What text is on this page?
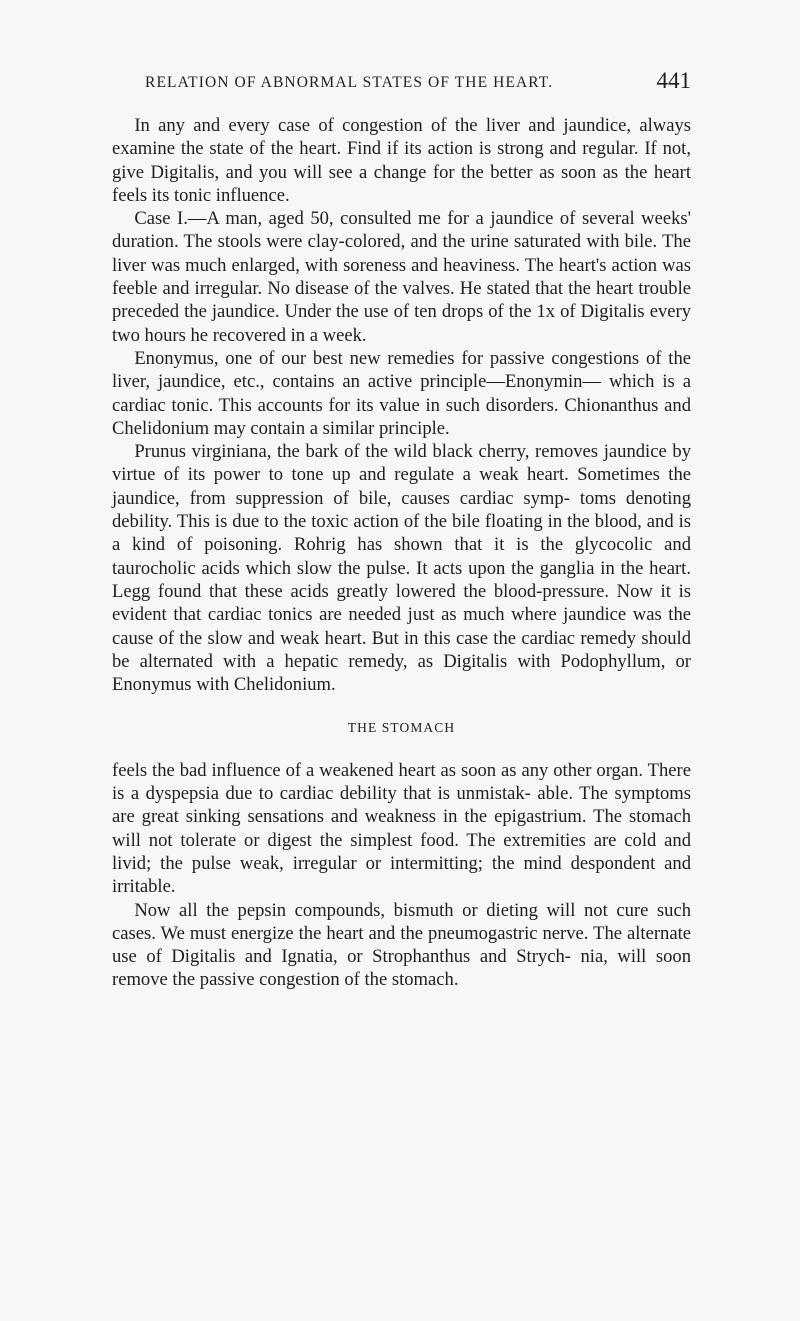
RELATION OF ABNORMAL STATES OF THE HEART.	441

In any and every case of congestion of the liver and jaundice, always examine the state of the heart. Find if its action is strong and regular. If not, give Digitalis, and you will see a change for the better as soon as the heart feels its tonic influence.

Case I.—A man, aged 50, consulted me for a jaundice of several weeks' duration. The stools were clay-colored, and the urine saturated with bile. The liver was much enlarged, with soreness and heaviness. The heart's action was feeble and irregular. No disease of the valves. He stated that the heart trouble preceded the jaundice. Under the use of ten drops of the 1x of Digitalis every two hours he recovered in a week.

Enonymus, one of our best new remedies for passive congestions of the liver, jaundice, etc., contains an active principle—Enonymin— which is a cardiac tonic. This accounts for its value in such disorders. Chionanthus and Chelidonium may contain a similar principle.

Prunus virginiana, the bark of the wild black cherry, removes jaundice by virtue of its power to tone up and regulate a weak heart. Sometimes the jaundice, from suppression of bile, causes cardiac symp- toms denoting debility. This is due to the toxic action of the bile floating in the blood, and is a kind of poisoning. Rohrig has shown that it is the glycocolic and taurocholic acids which slow the pulse. It acts upon the ganglia in the heart. Legg found that these acids greatly lowered the blood-pressure. Now it is evident that cardiac tonics are needed just as much where jaundice was the cause of the slow and weak heart. But in this case the cardiac remedy should be alternated with a hepatic remedy, as Digitalis with Podophyllum, or Enonymus with Chelidonium.

THE STOMACH

feels the bad influence of a weakened heart as soon as any other organ. There is a dyspepsia due to cardiac debility that is unmistak- able. The symptoms are great sinking sensations and weakness in the epigastrium. The stomach will not tolerate or digest the simplest food. The extremities are cold and livid; the pulse weak, irregular or intermitting; the mind despondent and irritable.

Now all the pepsin compounds, bismuth or dieting will not cure such cases. We must energize the heart and the pneumogastric nerve. The alternate use of Digitalis and Ignatia, or Strophanthus and Strych- nia, will soon remove the passive congestion of the stomach.
